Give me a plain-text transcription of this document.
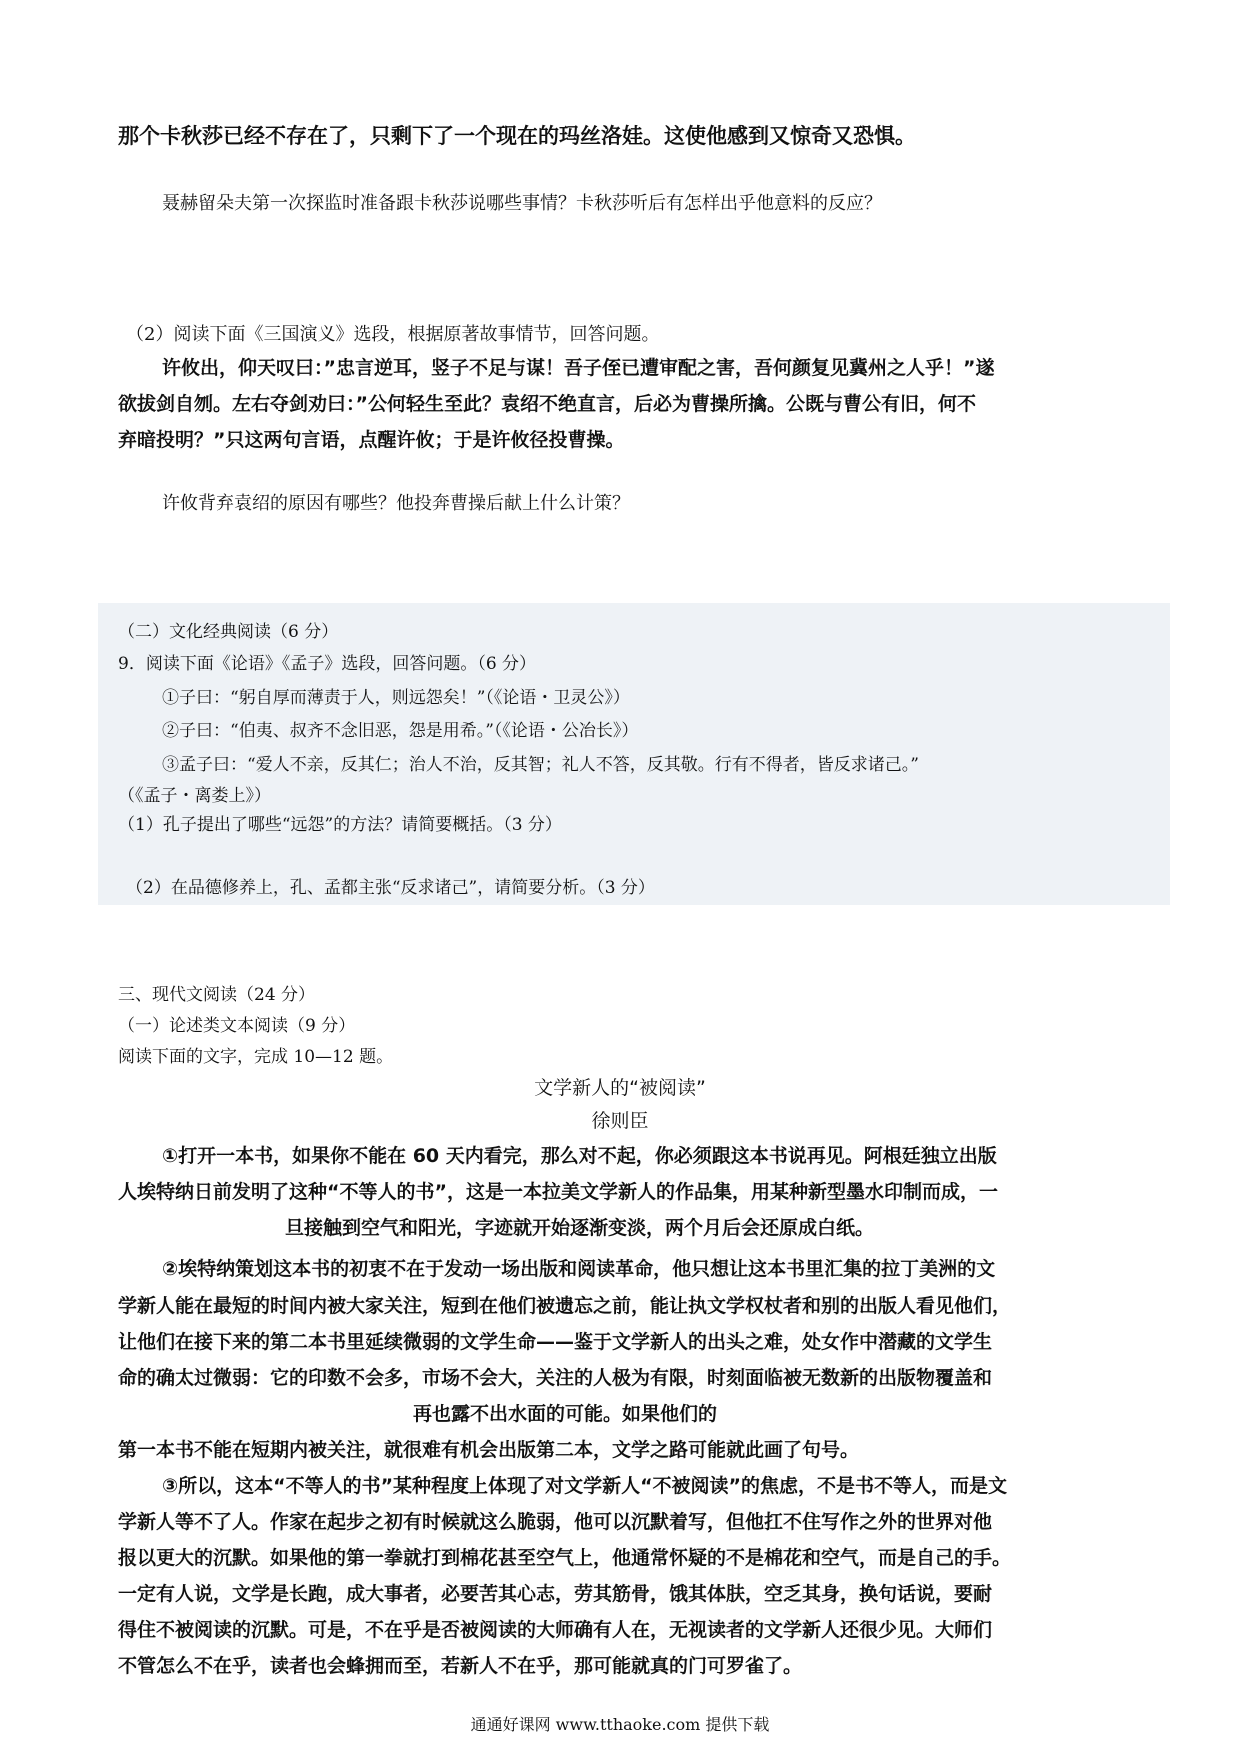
那个卡秋莎已经不存在了，只剩下了一个现在的玛丝洛娃。这使他感到又惊奇又恐惧。
聂赫留朵夫第一次探监时准备跟卡秋莎说哪些事情？卡秋莎听后有怎样出乎他意料的反应？
（2）阅读下面《三国演义》选段，根据原著故事情节，回答问题。
许攸出，仰天叹曰：”忠言逆耳，竖子不足与谋！吾子侄已遭审配之害，吾何颜复见冀州之人乎！”遂
欲拔剑自刎。左右夺剑劝曰：”公何轻生至此？袁绍不绝直言，后必为曹操所擒。公既与曹公有旧，何不
弃暗投明？”只这两句言语，点醒许攸；于是许攸径投曹操。
许攸背弃袁绍的原因有哪些？他投奔曹操后献上什么计策？
（二）文化经典阅读（6 分）
9．阅读下面《论语》《孟子》选段，回答问题。（6 分）
①子曰：“躬自厚而薄责于人，则远怨矣！”（《论语・卫灵公》）
②子曰：“伯夷、叔齐不念旧恶，怨是用希。”（《论语・公冶长》）
③孟子曰：“爱人不亲，反其仁；治人不治，反其智；礼人不答，反其敬。行有不得者，皆反求诸己。”
（《孟子・离娄上》）
（1）孔子提出了哪些“远怨”的方法？请简要概括。（3 分）
（2）在品德修养上，孔、孟都主张“反求诸己”，请简要分析。（3 分）
三、现代文阅读（24 分）
（一）论述类文本阅读（9 分）
阅读下面的文字，完成 10—12 题。
文学新人的“被阅读”
徐则臣
①打开一本书，如果你不能在 60 天内看完，那么对不起，你必须跟这本书说再见。阿根廷独立出版
人埃特纳日前发明了这种“不等人的书”，这是一本拉美文学新人的作品集，用某种新型墨水印制而成，一
旦接触到空气和阳光，字迹就开始逐渐变淡，两个月后会还原成白纸。
②埃特纳策划这本书的初衷不在于发动一场出版和阅读革命，他只想让这本书里汇集的拉丁美洲的文
学新人能在最短的时间内被大家关注，短到在他们被遗忘之前，能让执文学权杖者和别的出版人看见他们，
让他们在接下来的第二本书里延续微弱的文学生命——鉴于文学新人的出头之难，处女作中潜藏的文学生
命的确太过微弱：它的印数不会多，市场不会大，关注的人极为有限，时刻面临被无数新的出版物覆盖和
再也露不出水面的可能。如果他们的
第一本书不能在短期内被关注，就很难有机会出版第二本，文学之路可能就此画了句号。
③所以，这本“不等人的书”某种程度上体现了对文学新人“不被阅读”的焦虑，不是书不等人，而是文
学新人等不了人。作家在起步之初有时候就这么脆弱，他可以沉默着写，但他扛不住写作之外的世界对他
报以更大的沉默。如果他的第一拳就打到棉花甚至空气上，他通常怀疑的不是棉花和空气，而是自己的手。
一定有人说，文学是长跑，成大事者，必要苦其心志，劳其筋骨，饿其体肤，空乏其身，换句话说，要耐
得住不被阅读的沉默。可是，不在乎是否被阅读的大师确有人在，无视读者的文学新人还很少见。大师们
不管怎么不在乎，读者也会蜂拥而至，若新人不在乎，那可能就真的门可罗雀了。
通通好课网 www.tthaoke.com 提供下载
